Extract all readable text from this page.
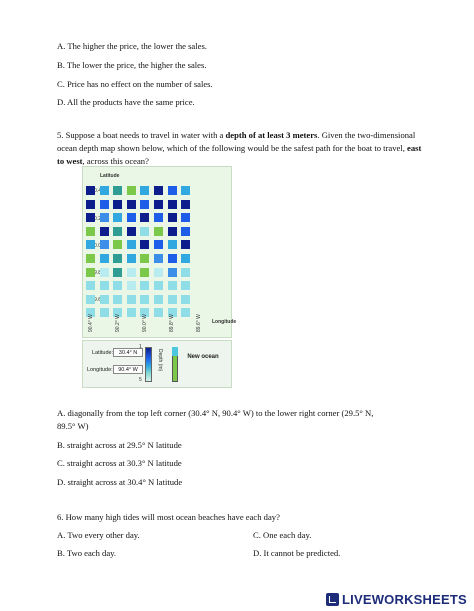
A. The higher the price, the lower the sales.
B. The lower the price, the higher the sales.
C. Price has no effect on the number of sales.
D. All the products have the same price.
5. Suppose a boat needs to travel in water with a depth of at least 3 meters. Given the two-dimensional ocean depth map shown below, which of the following would be the safest path for the boat to travel, east to west, across this ocean?
Latitude
30.4°
30.2°
30.0°
29.8°
29.6°
90.4° W	90.2° W	90.0° W	89.8° W	89.6° W Longitude
Latitude:	30.4° N
Longitude: 90.4° W
1
5
Depth (m)	New ocean
A. diagonally from the top left corner (30.4° N, 90.4° W) to the lower right corner (29.5° N,
89.5° W)
B. straight across at 29.5° N latitude
C. straight across at 30.3° N latitude
D. straight across at 30.4° N latitude
6. How many high tides will most ocean beaches have each day?
A. Two every other day.	C. One each day.
B. Two each day.	D. It cannot be predicted.
LIVEWORKSHEETS
